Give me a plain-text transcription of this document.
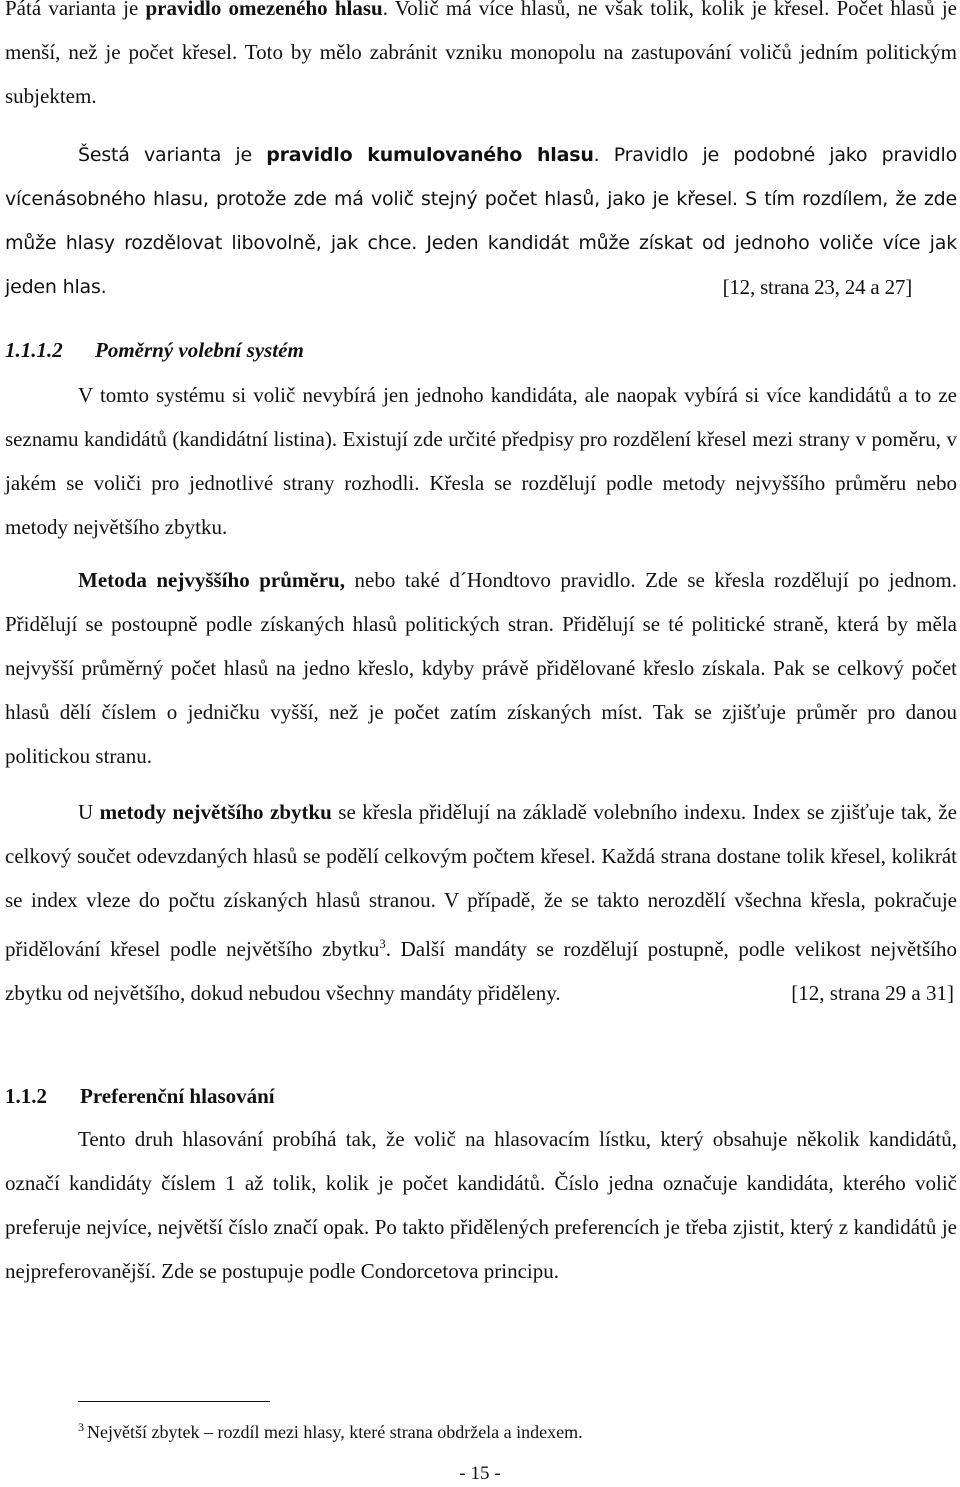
Pátá varianta je pravidlo omezeného hlasu. Volič má více hlasů, ne však tolik, kolik je křesel. Počet hlasů je menší, než je počet křesel. Toto by mělo zabránit vzniku monopolu na zastupování voličů jedním politickým subjektem.

Šestá varianta je pravidlo kumulovaného hlasu. Pravidlo je podobné jako pravidlo vícenásobného hlasu, protože zde má volič stejný počet hlasů, jako je křesel. S tím rozdílem, že zde může hlasy rozdělovat libovolně, jak chce. Jeden kandidát může získat od jednoho voliče více jak jeden hlas.	[12, strana 23, 24 a 27]

1.1.1.2 Poměrný volební systém

V tomto systému si volič nevybírá jen jednoho kandidáta, ale naopak vybírá si více kandidátů a to ze seznamu kandidátů (kandidátní listina). Existují zde určité předpisy pro rozdělení křesel mezi strany v poměru, v jakém se voliči pro jednotlivé strany rozhodli. Křesla se rozdělují podle metody nejvyššího průměru nebo metody největšího zbytku.

Metoda nejvyššího průměru, nebo také d´Hondtovo pravidlo. Zde se křesla rozdělují po jednom. Přidělují se postoupně podle získaných hlasů politických stran. Přidělují se té politické straně, která by měla nejvyšší průměrný počet hlasů na jedno křeslo, kdyby právě přidělované křeslo získala. Pak se celkový počet hlasů dělí číslem o jedničku vyšší, než je počet zatím získaných míst. Tak se zjišťuje průměr pro danou politickou stranu.

U metody největšího zbytku se křesla přidělují na základě volebního indexu. Index se zjišťuje tak, že celkový součet odevzdaných hlasů se podělí celkovým počtem křesel. Každá strana dostane tolik křesel, kolikrát se index vleze do počtu získaných hlasů stranou. V případě, že se takto nerozdělí všechna křesla, pokračuje přidělování křesel podle největšího zbytku$^3$. Další mandáty se rozdělují postupně, podle velikost největšího zbytku od největšího, dokud nebudou všechny mandáty přiděleny.	[12, strana 29 a 31]

1.1.2 Preferenční hlasování

Tento druh hlasování probíhá tak, že volič na hlasovacím lístku, který obsahuje několik kandidátů, označí kandidáty číslem 1 až tolik, kolik je počet kandidátů. Číslo jedna označuje kandidáta, kterého volič preferuje nejvíce, největší číslo značí opak. Po takto přidělených preferencích je třeba zjistit, který z kandidátů je nejpreferovanější. Zde se postupuje podle Condorcetova principu.

$^3$ Největší zbytek – rozdíl mezi hlasy, které strana obdržela a indexem.

- 15 -
